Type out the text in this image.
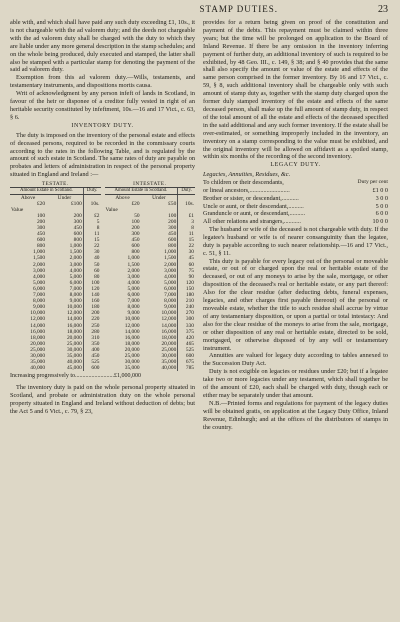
STAMP DUTIES.	23

able with, and which shall have paid any such duty exceeding £1, 10s., it is not chargeable with the ad valorem duty; and the deeds not chargeable with the ad valorem duty shall be charged with the duty to which they are liable under any more general description in the stamp schedules; and on the whole being produced, duly executed and stamped, the latter shall also be stamped with a particular stamp for denoting the payment of the said ad valorem duty.

Exemption from this ad valorem duty.—Wills, testaments, and testamentary instruments, and dispositions mortis causa.

Writ of acknowledgment by any person infeft of lands in Scotland, in favour of the heir or disponee of a creditor fully vested in right of an heritable security constituted by infeftment, 10s.—16 and 17 Vict., c. 63, § 6.

INVENTORY DUTY.

The duty is imposed on the inventory of the personal estate and effects of deceased persons, required to be recorded in the commissary courts according to the rates in the following Table, and is regulated by the amount of such estate in Scotland. The same rates of duty are payable on probates and letters of administration in respect of the personal property situated in England and Ireland :—

TESTATE.		
Amount Estate in Scotland.		Duty.
Above	Under	
£20	£100	10s.
Value		
100	200	£2
200	300	5
300	450	8
450	600	11
600	800	15
800	1,000	22
1,000	1,500	30
1,500	2,000	40
2,000	3,000	50
3,000	4,000	60
4,000	5,000	80
5,000	6,000	100
6,000	7,000	120
7,000	8,000	140
8,000	9,000	160
9,000	10,000	180
10,000	12,000	200
12,000	14,000	220
14,000	16,000	250
16,000	18,000	280
18,000	20,000	310
20,000	25,000	350
25,000	30,000	400
30,000	35,000	450
35,000	40,000	525
40,000	45,000	600
INTESTATE.		
Amount Estate in Scotland.		Duty.
Above	Under	
£20	£50	10s.
Value		
50	100	£1
100	200	3
200	300	8
300	450	11
450	600	15
600	800	22
800	1,000	30
1,000	1,500	45
1,500	2,000	60
2,000	3,000	75
3,000	4,000	90
4,000	5,000	120
5,000	6,000	150
6,000	7,000	180
7,000	8,000	210
8,000	9,000	240
9,000	10,000	270
10,000	12,000	300
12,000	14,000	330
14,000	16,000	375
16,000	18,000	420
18,000	20,000	465
20,000	25,000	525
25,000	30,000	600
30,000	35,000	675
35,000	40,000	785
Increasing progressively to..........................£1,000,000

The inventory duty is paid on the whole personal property situated in Scotland, and probate or administration duty on the whole personal property situated in England and Ireland without deduction of debts; but the Act 5 and 6 Vict., c. 79, § 23,

provides for a return being given on proof of the constitution and payment of the debts. This repayment must be claimed within three years; but the time will be prolonged on application to the Board of Inland Revenue. If there be any omission in the inventory inferring payment of further duty, an additional inventory of such is required to be exhibited, by 48 Geo. III., c. 149, § 38; and § 40 provides that the same shall also specify the amount or value of the estate and effects of the same person comprised in the former inventory. By 16 and 17 Vict., c. 59, § 8, such additional inventory shall be chargeable only with such amount of stamp duty as, together with the stamp duty charged upon the former duly stamped inventory of the estate and effects of the same deceased person, shall make up the full amount of stamp duty, in respect of the total amount of all the estate and effects of the deceased specified in the said additional and any such former inventory. If the estate shall be over-estimated, or something improperly included in the inventory, an inventory on a stamp corresponding to the value must be exhibited, and the original inventory will be allowed on affidavit as a spoiled stamp, within six months of the recording of the second inventory.

LEGACY DUTY.
Legacies, Annuities, Residues, &c.
To children or their descendants,	Duty per cent
or lineal ancestors,..........................	£1 0 0
Brother or sister, or descendant,...........	3 0 0
Uncle or aunt, or their descendant,..........	5 0 0
Granduncle or aunt, or descendant,..........	6 0 0
All other relations and strangers,...........	10 0 0

The husband or wife of the deceased is not chargeable with duty. If the legatee's husband or wife is of nearer consanguinity than the legatee, duty is payable according to such nearer relationship.—16 and 17 Vict., c. 51, § 11.

This duty is payable for every legacy out of the personal or moveable estate, or out of or charged upon the real or heritable estate of the deceased, or out of any moneys to arise by the sale, mortgage, or other disposition of the deceased's real or heritable estate, or any part thereof: Also for the clear residue (after deducting debts, funeral expenses, legacies, and other charges first payable thereout) of the personal or moveable estate, whether the title to such residue shall accrue by virtue of any testamentary disposition, or upon a partial or total intestacy: And also for the clear residue of the moneys to arise from the sale, mortgage, or other disposition of any real or heritable estate, directed to be sold, mortgaged, or otherwise disposed of by any will or testamentary instrument.

Annuities are valued for legacy duty according to tables annexed to the Succession Duty Act.

Duty is not exigible on legacies or residues under £20; but if a legatee take two or more legacies under any testament, which shall together be of the amount of £20, each shall be charged with duty, though each or either may be separately under that amount.

N.B.—Printed forms and regulations for payment of the legacy duties will be obtained gratis, on application at the Legacy Duty Office, Inland Revenue, Edinburgh; and at the offices of the distributors of stamps in the country.
